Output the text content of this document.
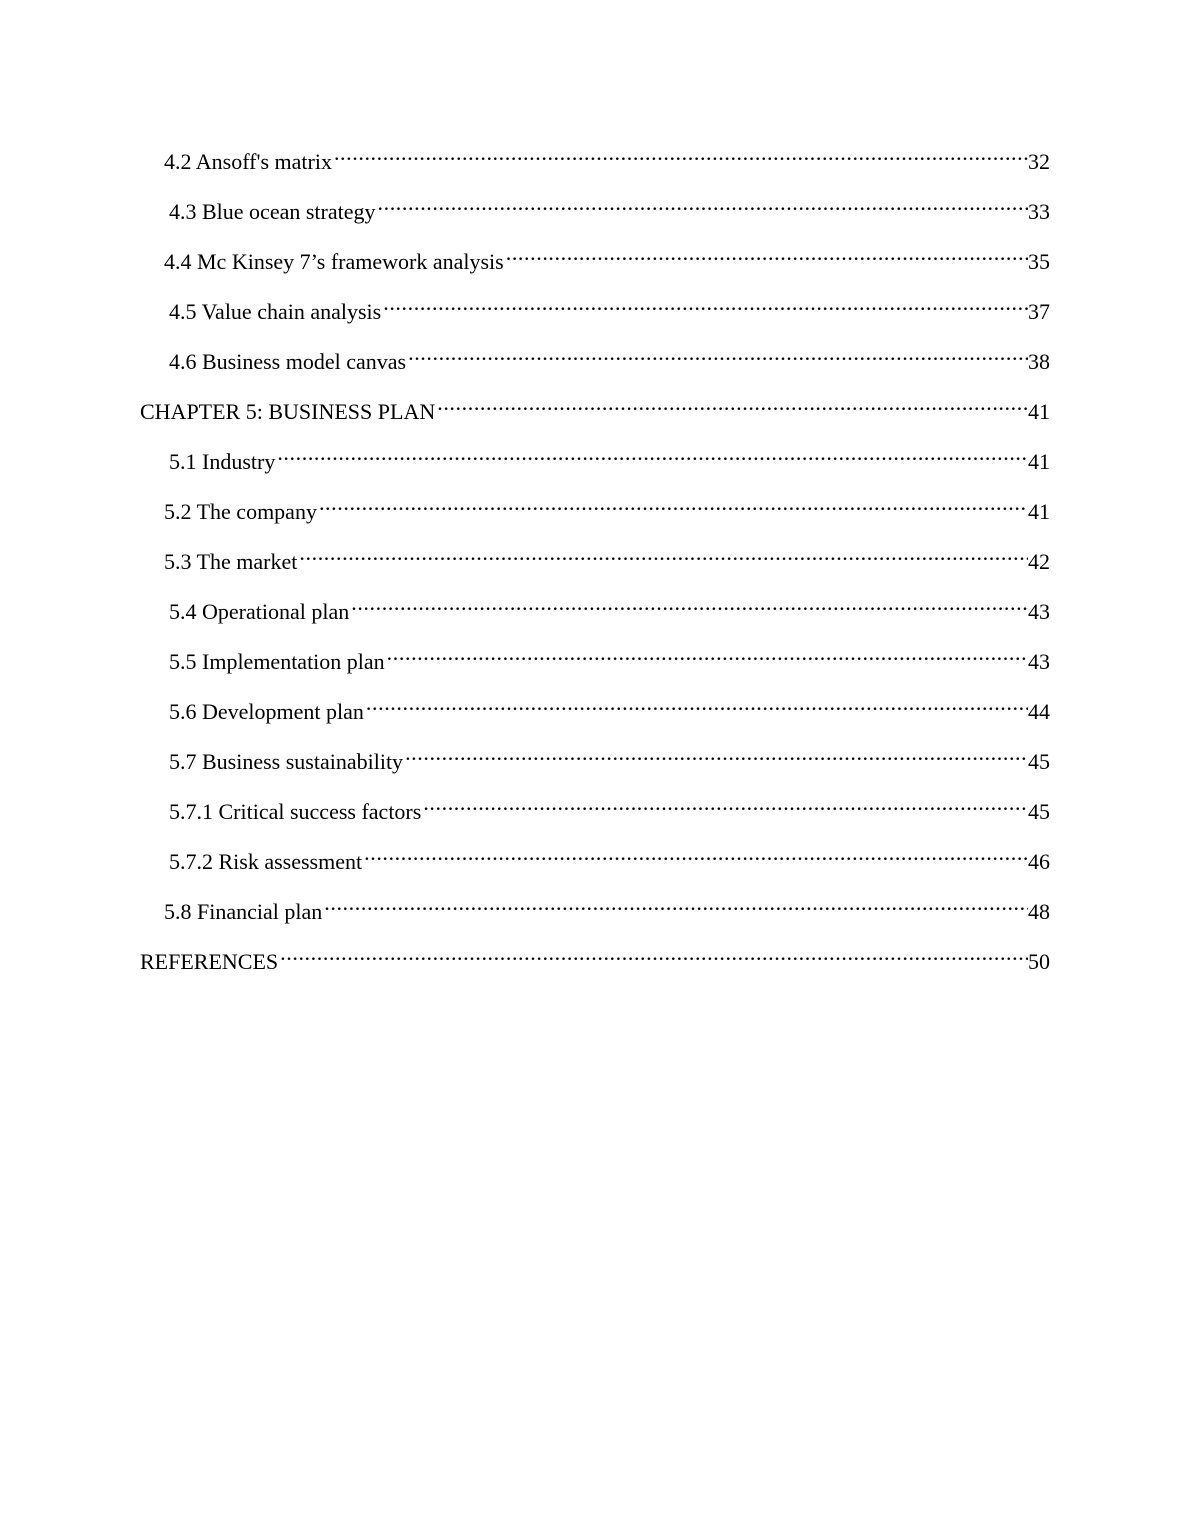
4.2 Ansoff's matrix .....	32
4.3 Blue ocean strategy .....	33
4.4 Mc Kinsey 7’s framework analysis .....	35
4.5 Value chain analysis .....	37
4.6 Business model canvas .....	38
CHAPTER 5: BUSINESS PLAN .....	41
5.1 Industry .....	41
5.2 The company .....	41
5.3 The market .....	42
5.4 Operational plan .....	43
5.5 Implementation plan .....	43
5.6 Development plan .....	44
5.7 Business sustainability .....	45
5.7.1 Critical success factors .....	45
5.7.2 Risk assessment .....	46
5.8 Financial plan .....	48
REFERENCES .....	50
